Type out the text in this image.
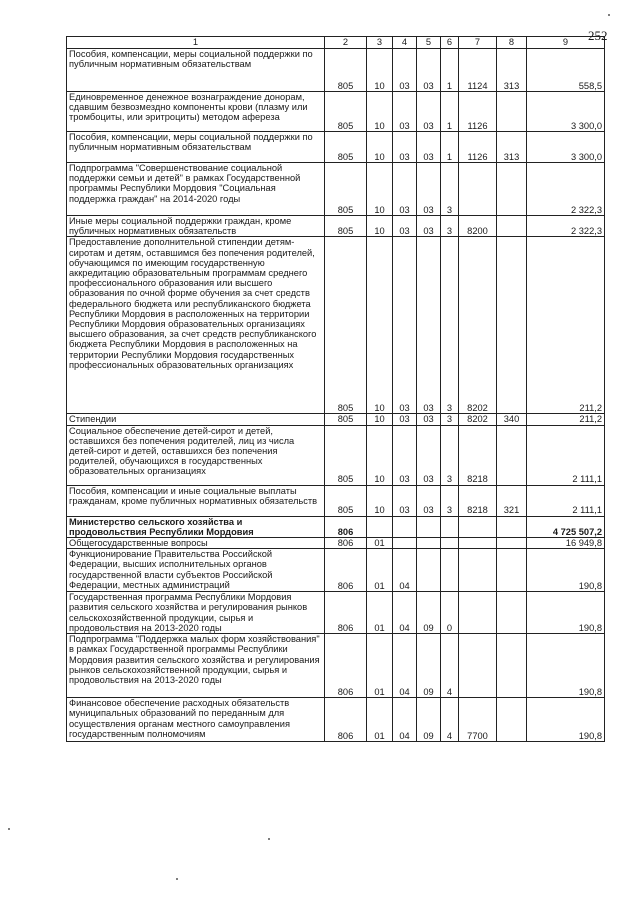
252
1	2	3	4	5	6	7	8	9
Пособия, компенсации, меры социальной поддержки по публичным нормативным обязательствам	805	10	03	03	1	1124	313	558,5
Единовременное денежное вознаграждение донорам, сдавшим безвозмездно компоненты крови (плазму или тромбоциты, или эритроциты) методом афереза	805	10	03	03	1	1126		3 300,0
Пособия, компенсации, меры социальной поддержки по публичным нормативным обязательствам	805	10	03	03	1	1126	313	3 300,0
Подпрограмма "Совершенствование социальной поддержки семьи и детей" в рамках Государственной программы Республики Мордовия "Социальная поддержка граждан" на 2014-2020 годы	805	10	03	03	3			2 322,3
Иные меры социальной поддержки граждан, кроме публичных нормативных обязательств	805	10	03	03	3	8200		2 322,3
Предоставление дополнительной стипендии детям-сиротам и детям, оставшимся без попечения родителей, обучающимся по имеющим государственную аккредитацию образовательным программам среднего профессионального образования или высшего образования по очной форме обучения за счет средств федерального бюджета или республиканского бюджета Республики Мордовия в расположенных на территории Республики Мордовия образовательных организациях высшего образования, за счет средств республиканского бюджета Республики Мордовия в расположенных на территории Республики Мордовия государственных профессиональных образовательных организациях	805	10	03	03	3	8202		211,2
Стипендии	805	10	03	03	3	8202	340	211,2
Социальное обеспечение детей-сирот и детей, оставшихся без попечения родителей, лиц из числа детей-сирот и детей, оставшихся без попечения родителей, обучающихся в государственных образовательных организациях	805	10	03	03	3	8218		2 111,1
Пособия, компенсации и иные социальные выплаты гражданам, кроме публичных нормативных обязательств	805	10	03	03	3	8218	321	2 111,1
Министерство сельского хозяйства и продовольствия Республики Мордовия	806							4 725 507,2
Общегосударственные вопросы	806	01						16 949,8
Функционирование Правительства Российской Федерации, высших исполнительных органов государственной власти субъектов Российской Федерации, местных администраций	806	01	04					190,8
Государственная программа Республики Мордовия развития сельского хозяйства и регулирования рынков сельскохозяйственной продукции, сырья и продовольствия на 2013-2020 годы	806	01	04	09	0			190,8
Подпрограмма "Поддержка малых форм хозяйствования" в рамках Государственной программы Республики Мордовия развития сельского хозяйства и регулирования рынков сельскохозяйственной продукции, сырья и продовольствия на 2013-2020 годы	806	01	04	09	4			190,8
Финансовое обеспечение расходных обязательств муниципальных образований по переданным для осуществления органам местного самоуправления государственным полномочиям	806	01	04	09	4	7700		190,8
